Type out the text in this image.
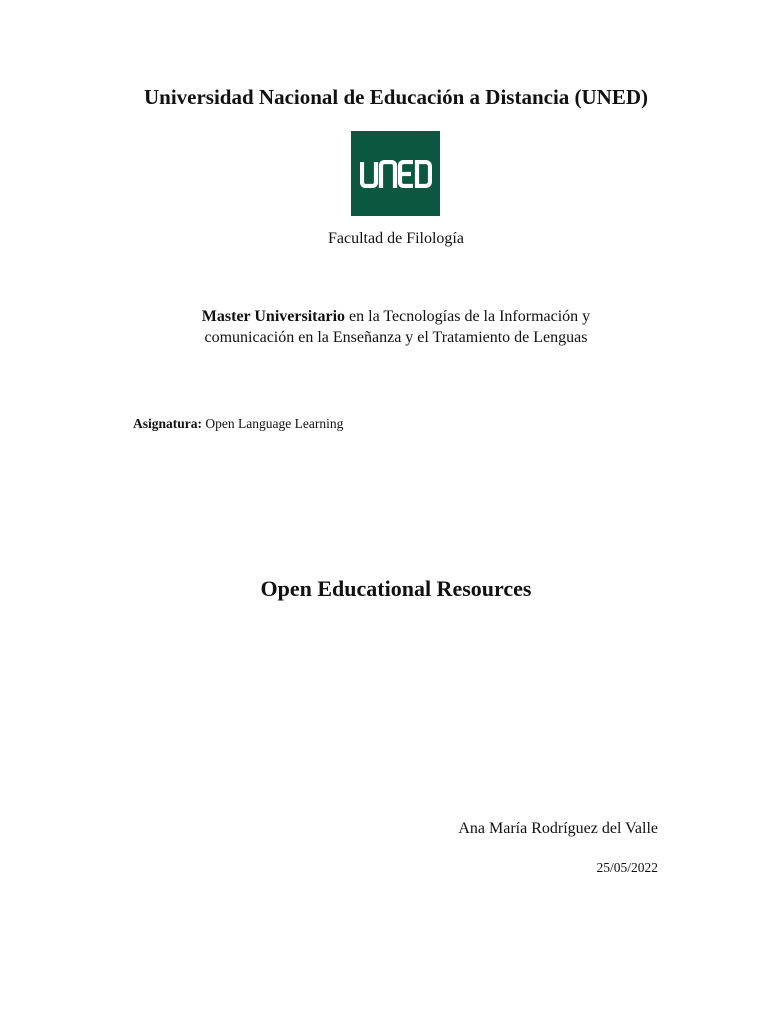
Universidad Nacional de Educación a Distancia (UNED)
Facultad de Filología
Master Universitario en la Tecnologías de la Información y
comunicación en la Enseñanza y el Tratamiento de Lenguas
Asignatura: Open Language Learning
Open Educational Resources
Ana María Rodríguez del Valle
25/05/2022
